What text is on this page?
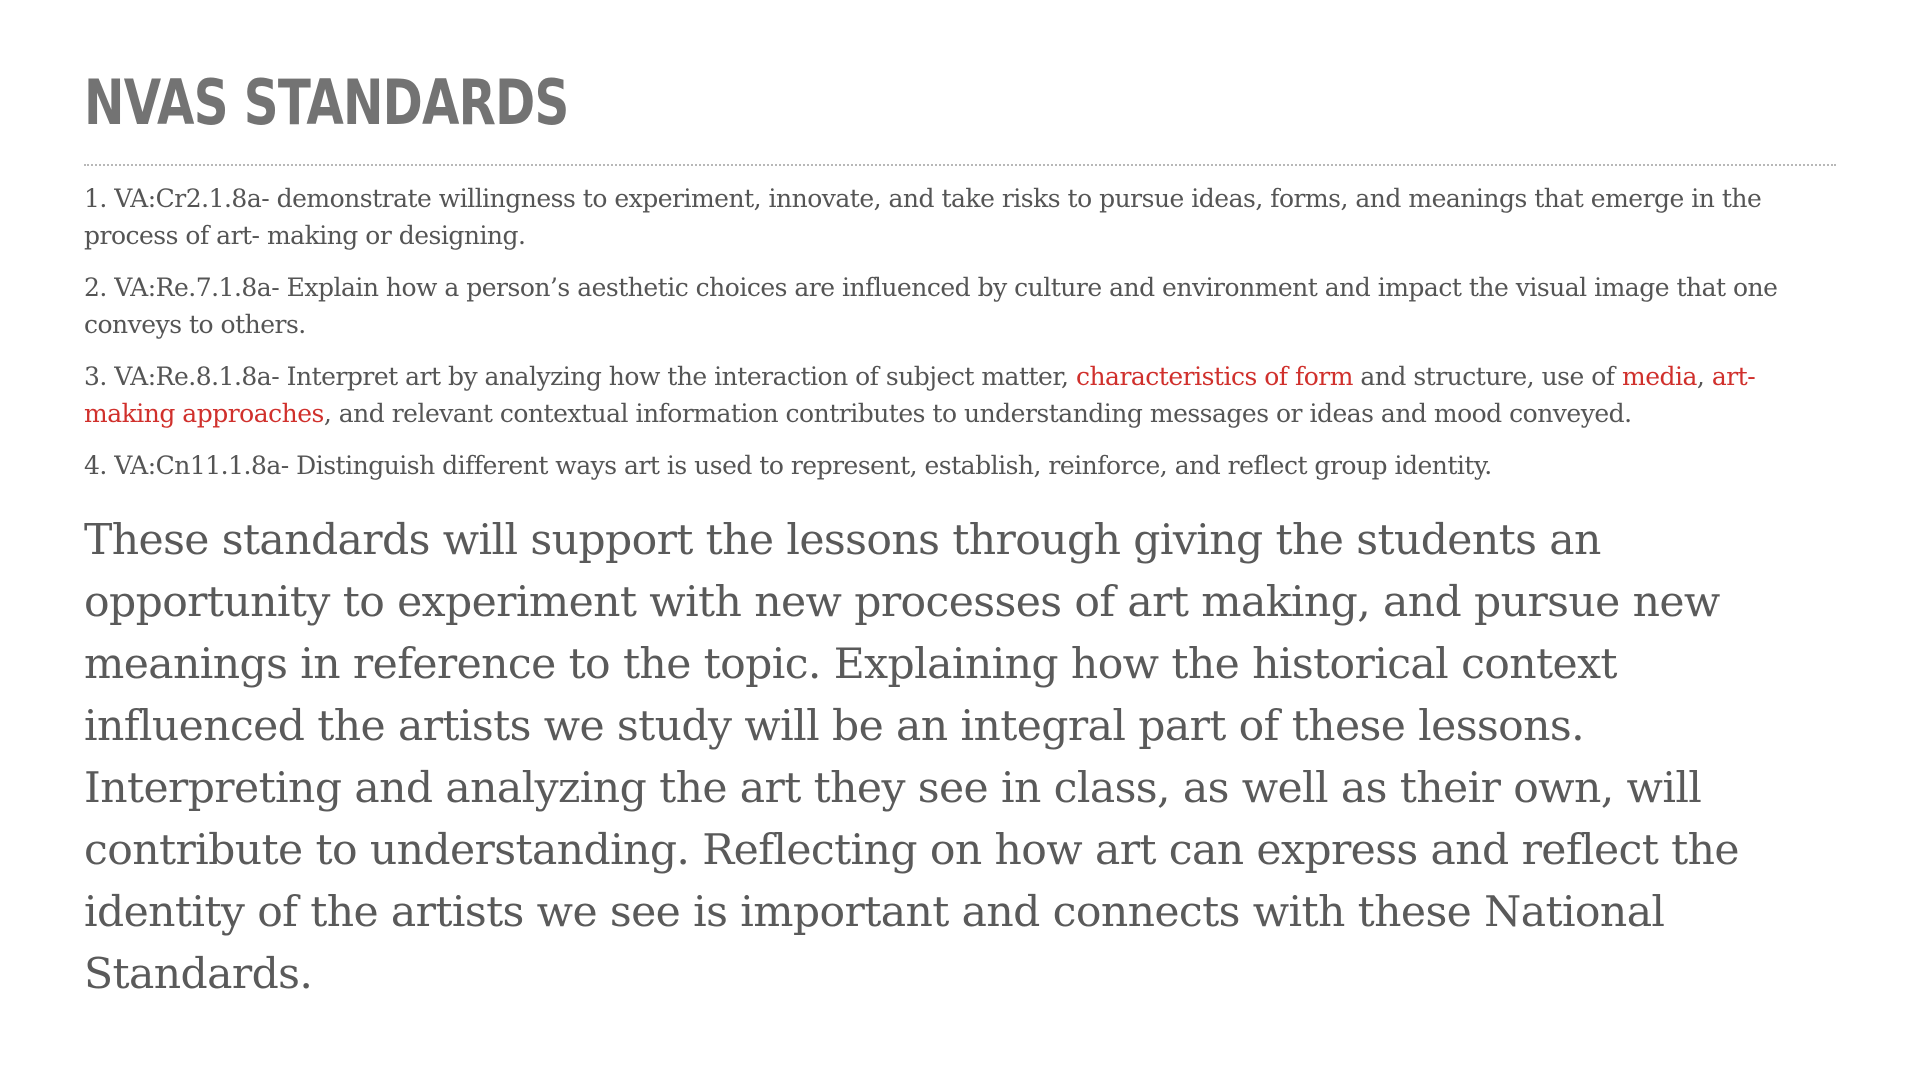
NVAS STANDARDS
1. VA:Cr2.1.8a- demonstrate willingness to experiment, innovate, and take risks to pursue ideas, forms, and meanings that emerge in the process of art- making or designing.
2. VA:Re.7.1.8a- Explain how a person’s aesthetic choices are influenced by culture and environment and impact the visual image that one conveys to others.
3. VA:Re.8.1.8a- Interpret art by analyzing how the interaction of subject matter, characteristics of form and structure, use of media, art-making approaches, and relevant contextual information contributes to understanding messages or ideas and mood conveyed.
4. VA:Cn11.1.8a- Distinguish different ways art is used to represent, establish, reinforce, and reflect group identity.

These standards will support the lessons through giving the students an opportunity to experiment with new processes of art making, and pursue new meanings in reference to the topic. Explaining how the historical context influenced the artists we study will be an integral part of these lessons. Interpreting and analyzing the art they see in class, as well as their own, will contribute to understanding. Reflecting on how art can express and reflect the identity of the artists we see is important and connects with these National Standards.
